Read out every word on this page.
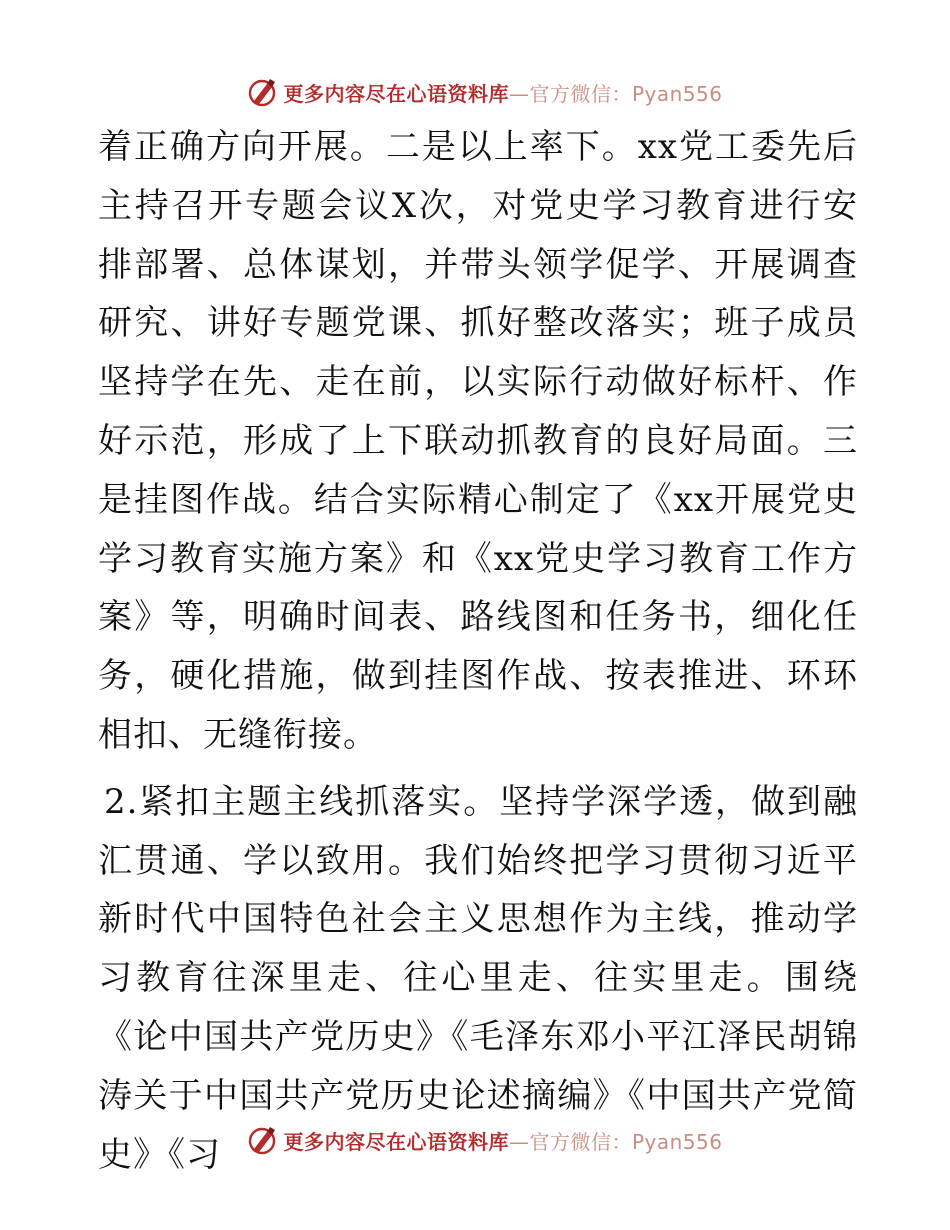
更多内容尽在心语资料库—官方微信：Pyan556

着正确方向开展。二是以上率下。xx党工委先后主持召开专题会议X次，对党史学习教育进行安排部署、总体谋划，并带头领学促学、开展调查研究、讲好专题党课、抓好整改落实；班子成员坚持学在先、走在前，以实际行动做好标杆、作好示范，形成了上下联动抓教育的良好局面。三是挂图作战。结合实际精心制定了《xx开展党史学习教育实施方案》和《xx党史学习教育工作方案》等，明确时间表、路线图和任务书，细化任务，硬化措施，做到挂图作战、按表推进、环环相扣、无缝衔接。

2.紧扣主题主线抓落实。坚持学深学透，做到融汇贯通、学以致用。我们始终把学习贯彻习近平新时代中国特色社会主义思想作为主线，推动学习教育往深里走、往心里走、往实里走。围绕《论中国共产党历史》《毛泽东邓小平江泽民胡锦涛关于中国共产党历史论述摘编》《中国共产党简史》《习	更多内容尽在心语资料库—官方微信：Pyan556
